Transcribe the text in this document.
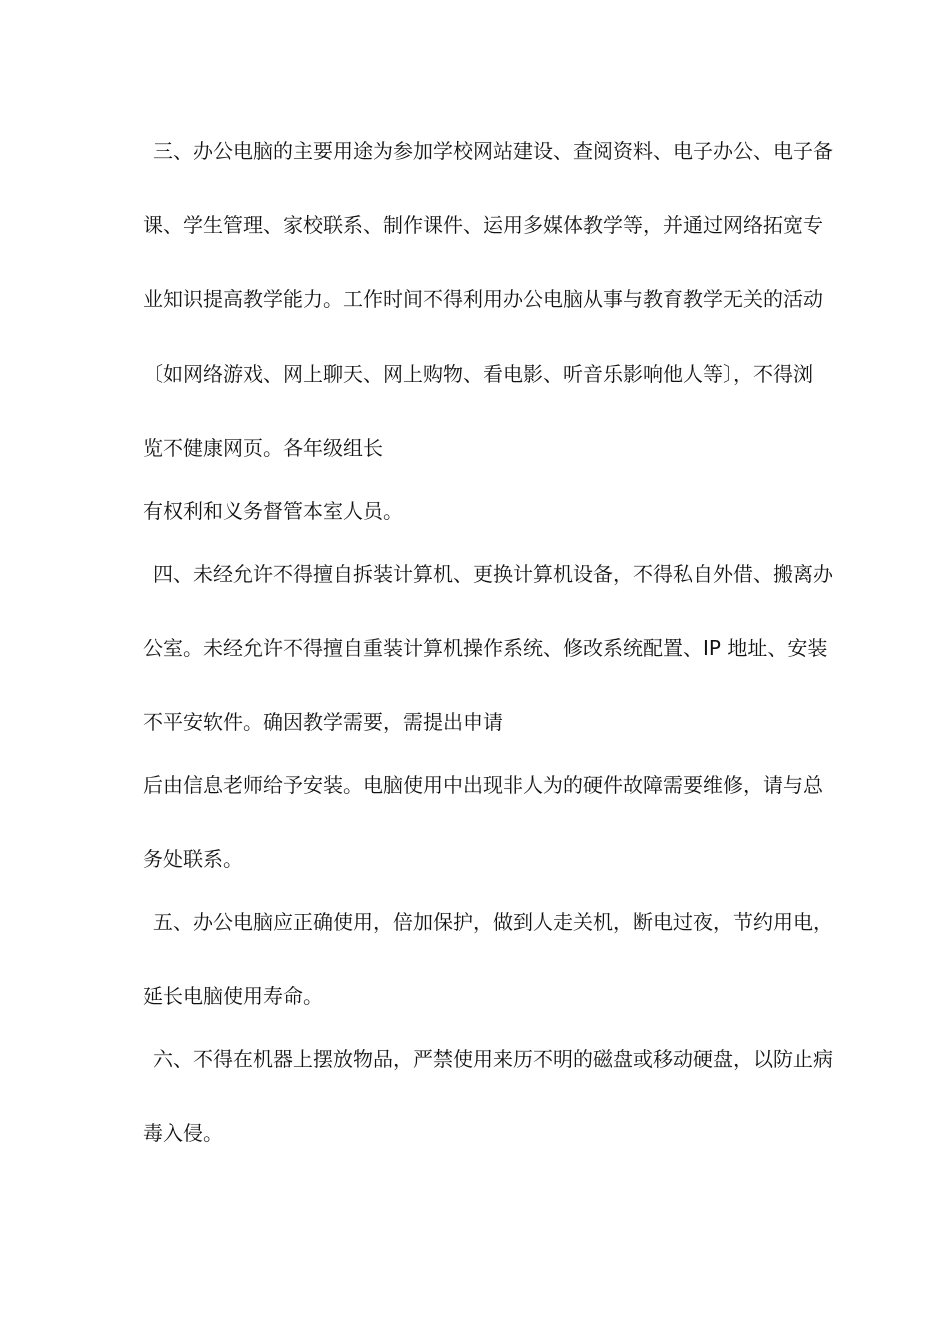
三、办公电脑的主要用途为参加学校网站建设、查阅资料、电子办公、电子备
课、学生管理、家校联系、制作课件、运用多媒体教学等，并通过网络拓宽专
业知识提高教学能力。工作时间不得利用办公电脑从事与教育教学无关的活动
〔如网络游戏、网上聊天、网上购物、看电影、听音乐影响他人等〕，不得浏
览不健康网页。各年级组长
有权利和义务督管本室人员。
四、未经允许不得擅自拆装计算机、更换计算机设备，不得私自外借、搬离办
公室。未经允许不得擅自重装计算机操作系统、修改系统配置、IP 地址、安装
不平安软件。确因教学需要，需提出申请
后由信息老师给予安装。电脑使用中出现非人为的硬件故障需要维修，请与总
务处联系。
五、办公电脑应正确使用，倍加保护，做到人走关机，断电过夜，节约用电，
延长电脑使用寿命。
六、不得在机器上摆放物品，严禁使用来历不明的磁盘或移动硬盘，以防止病
毒入侵。
